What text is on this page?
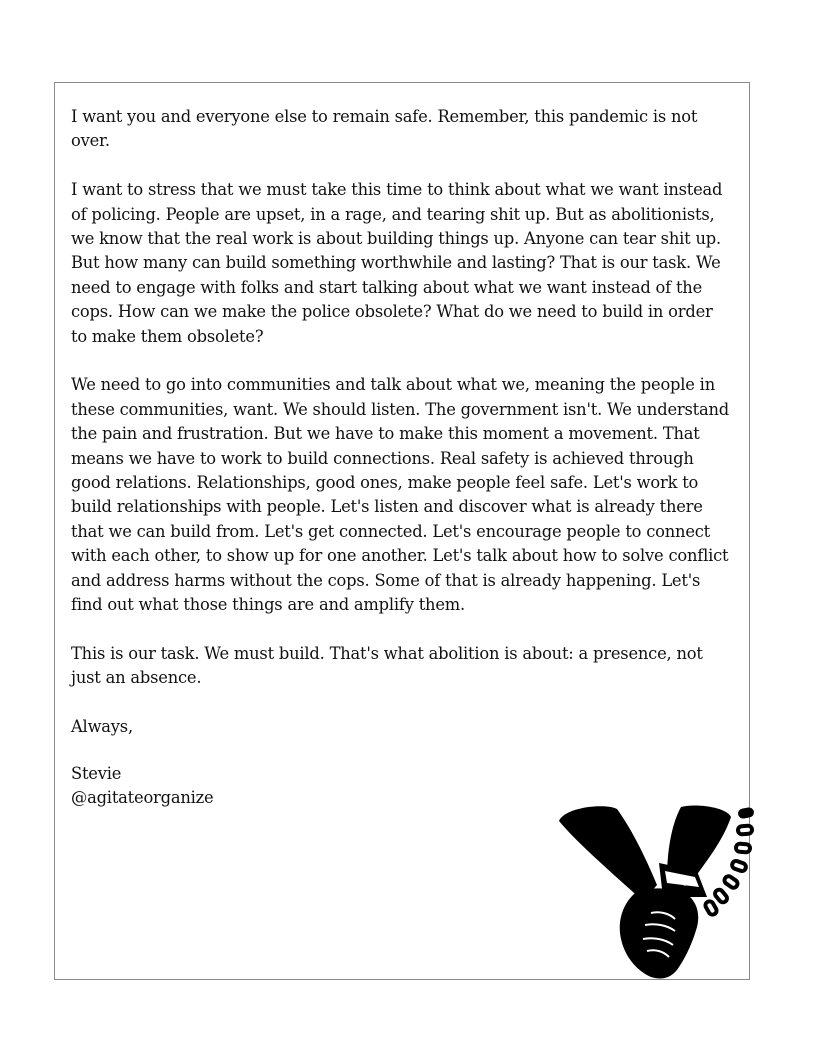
I want you and everyone else to remain safe. Remember, this pandemic is not over.

I want to stress that we must take this time to think about what we want instead of policing. People are upset, in a rage, and tearing shit up. But as abolitionists, we know that the real work is about building things up. Anyone can tear shit up. But how many can build something worthwhile and lasting? That is our task. We need to engage with folks and start talking about what we want instead of the cops. How can we make the police obsolete? What do we need to build in order to make them obsolete?

We need to go into communities and talk about what we, meaning the people in these communities, want. We should listen. The government isn't. We understand the pain and frustration. But we have to make this moment a movement. That means we have to work to build connections. Real safety is achieved through good relations. Relationships, good ones, make people feel safe. Let's work to build relationships with people. Let's listen and discover what is already there that we can build from. Let's get connected. Let's encourage people to connect with each other, to show up for one another. Let's talk about how to solve conflict and address harms without the cops. Some of that is already happening. Let's find out what those things are and amplify them.

This is our task. We must build. That's what abolition is about: a presence, not just an absence.

Always,

Stevie

@agitateorganize
